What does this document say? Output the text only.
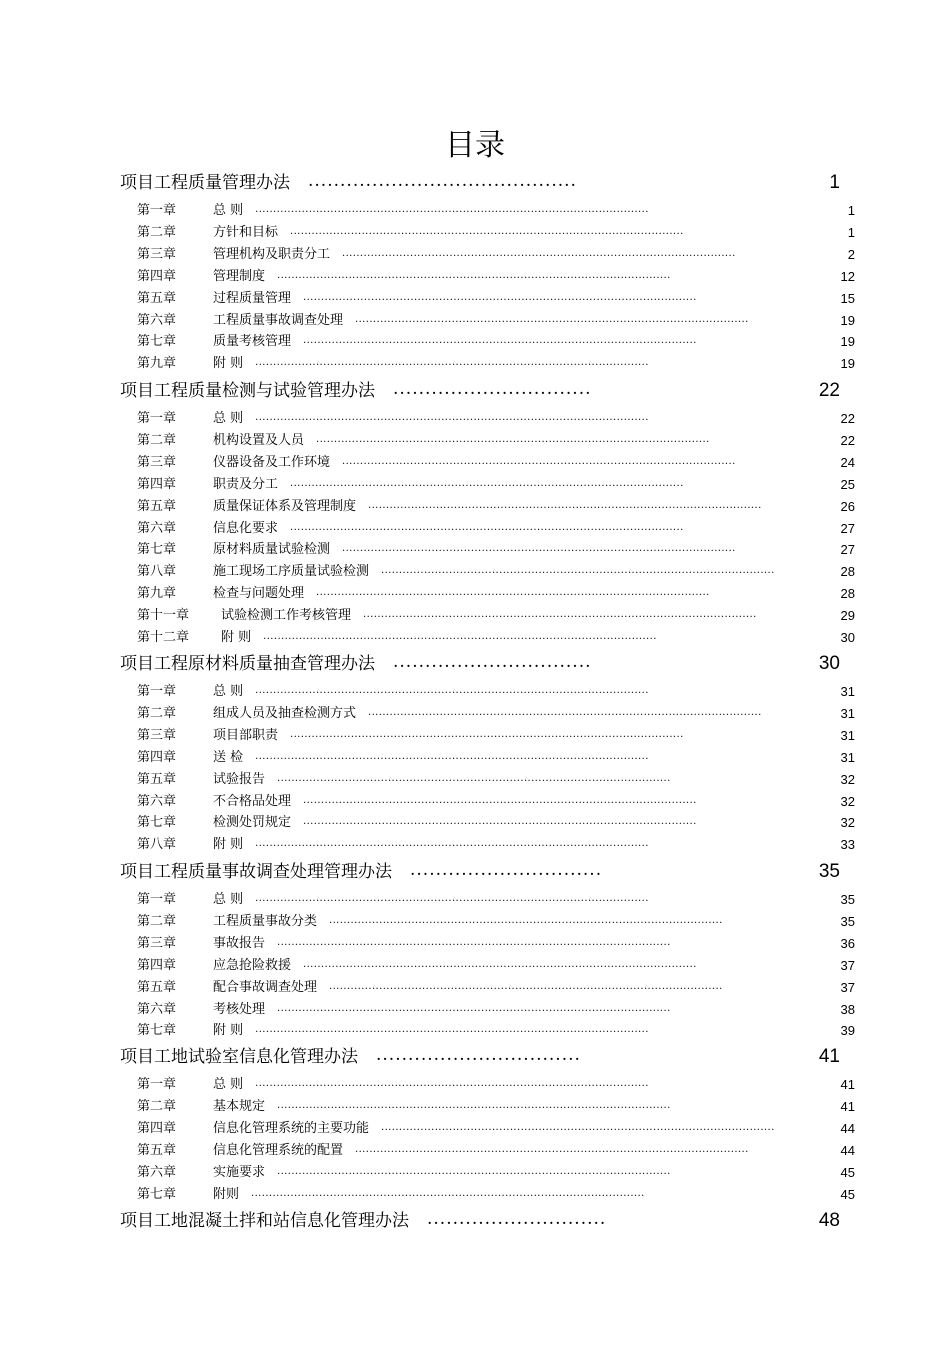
目录
项目工程质量管理办法 ..........................................	1
第一章	总 则 ..............................................................................................................	1
第二章	方针和目标 ..............................................................................................................	1
第三章	管理机构及职责分工 ..............................................................................................................	2
第四章	管理制度 ..............................................................................................................	12
第五章	过程质量管理 ..............................................................................................................	15
第六章	工程质量事故调查处理 ..............................................................................................................	19
第七章	质量考核管理 ..............................................................................................................	19
第九章	附 则 ..............................................................................................................	19
项目工程质量检测与试验管理办法 ...............................	22
第一章	总 则 ..............................................................................................................	22
第二章	机构设置及人员 ..............................................................................................................	22
第三章	仪器设备及工作环境 ..............................................................................................................	24
第四章	职责及分工 ..............................................................................................................	25
第五章	质量保证体系及管理制度 ..............................................................................................................	26
第六章	信息化要求 ..............................................................................................................	27
第七章	原材料质量试验检测 ..............................................................................................................	27
第八章	施工现场工序质量试验检测 ..............................................................................................................	28
第九章	检查与问题处理 ..............................................................................................................	28
第十一章 试验检测工作考核管理 ..............................................................................................................	29
第十二章 附 则 ..............................................................................................................	30
项目工程原材料质量抽查管理办法 ...............................	30
第一章	总 则 ..............................................................................................................	31
第二章	组成人员及抽查检测方式 ..............................................................................................................	31
第三章	项目部职责 ..............................................................................................................	31
第四章	送 检 ..............................................................................................................	31
第五章	试验报告 ..............................................................................................................	32
第六章	不合格品处理 ..............................................................................................................	32
第七章	检测处罚规定 ..............................................................................................................	32
第八章	附 则 ..............................................................................................................	33
项目工程质量事故调查处理管理办法 ..............................	35
第一章	总 则 ..............................................................................................................	35
第二章	工程质量事故分类 ..............................................................................................................	35
第三章	事故报告 ..............................................................................................................	36
第四章	应急抢险救援 ..............................................................................................................	37
第五章	配合事故调查处理 ..............................................................................................................	37
第六章	考核处理 ..............................................................................................................	38
第七章	附 则 ..............................................................................................................	39
项目工地试验室信息化管理办法 ................................	41
第一章	总 则 ..............................................................................................................	41
第二章	基本规定 ..............................................................................................................	41
第四章	信息化管理系统的主要功能 ..............................................................................................................	44
第五章	信息化管理系统的配置 ..............................................................................................................	44
第六章	实施要求 ..............................................................................................................	45
第七章	附则 ..............................................................................................................	45
项目工地混凝土拌和站信息化管理办法 ............................	48
